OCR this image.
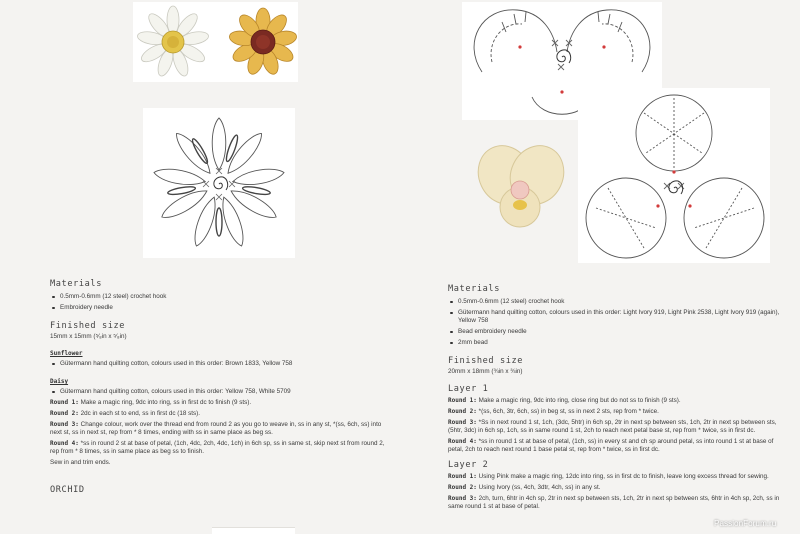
Materials
0.5mm-0.6mm (12 steel) crochet hook
Embroidery needle
Finished size
15mm x 15mm (⁵⁄₈in x ⁵⁄₈in)
Sunflower
Gütermann hand quilting cotton, colours used in this order: Brown 1833, Yellow 758
Daisy
Gütermann hand quilting cotton, colours used in this order: Yellow 758, White 5709
Round 1: Make a magic ring, 9dc into ring, ss in first dc to finish (9 sts).
Round 2: 2dc in each st to end, ss in first dc (18 sts).
Round 3: Change colour, work over the thread end from round 2 as you go to weave in, ss in any st, *(ss, 6ch, ss) into next st, ss in next st, rep from * 8 times, ending with ss in same place as beg ss.
Round 4: *ss in round 2 st at base of petal, (1ch, 4dc, 2ch, 4dc, 1ch) in 6ch sp, ss in same st, skip next st from round 2, rep from * 8 times, ss in same place as beg ss to finish.
Sew in and trim ends.
ORCHID
Materials
0.5mm-0.6mm (12 steel) crochet hook
Gütermann hand quilting cotton, colours used in this order: Light Ivory 919, Light Pink 2538, Light Ivory 919 (again), Yellow 758
Bead embroidery needle
2mm bead
Finished size
20mm x 18mm (¾in x ¾in)
Layer 1
Round 1: Make a magic ring, 9dc into ring, close ring but do not ss to finish (9 sts).
Round 2: *(ss, 6ch, 3tr, 6ch, ss) in beg st, ss in next 2 sts, rep from * twice.
Round 3: *Ss in next round 1 st, 1ch, (3dc, 5htr) in 6ch sp, 2tr in next sp between sts, 1ch, 2tr in next sp between sts, (5htr, 3dc) in 6ch sp, 1ch, ss in same round 1 st, 2ch to reach next petal base st, rep from * twice, ss in first dc.
Round 4: *ss in round 1 st at base of petal, (1ch, ss) in every st and ch sp around petal, ss into round 1 st at base of petal, 2ch to reach next round 1 base petal st, rep from * twice, ss in first dc.
Layer 2
Round 1: Using Pink make a magic ring, 12dc into ring, ss in first dc to finish, leave long excess thread for sewing.
Round 2: Using Ivory (ss, 4ch, 3dtr, 4ch, ss) in any st.
Round 3: 2ch, turn, 6htr in 4ch sp, 2tr in next sp between sts, 1ch, 2tr in next sp between sts, 6htr in 4ch sp, 2ch, ss in same round 1 st at base of petal.
PassionForum.ru
